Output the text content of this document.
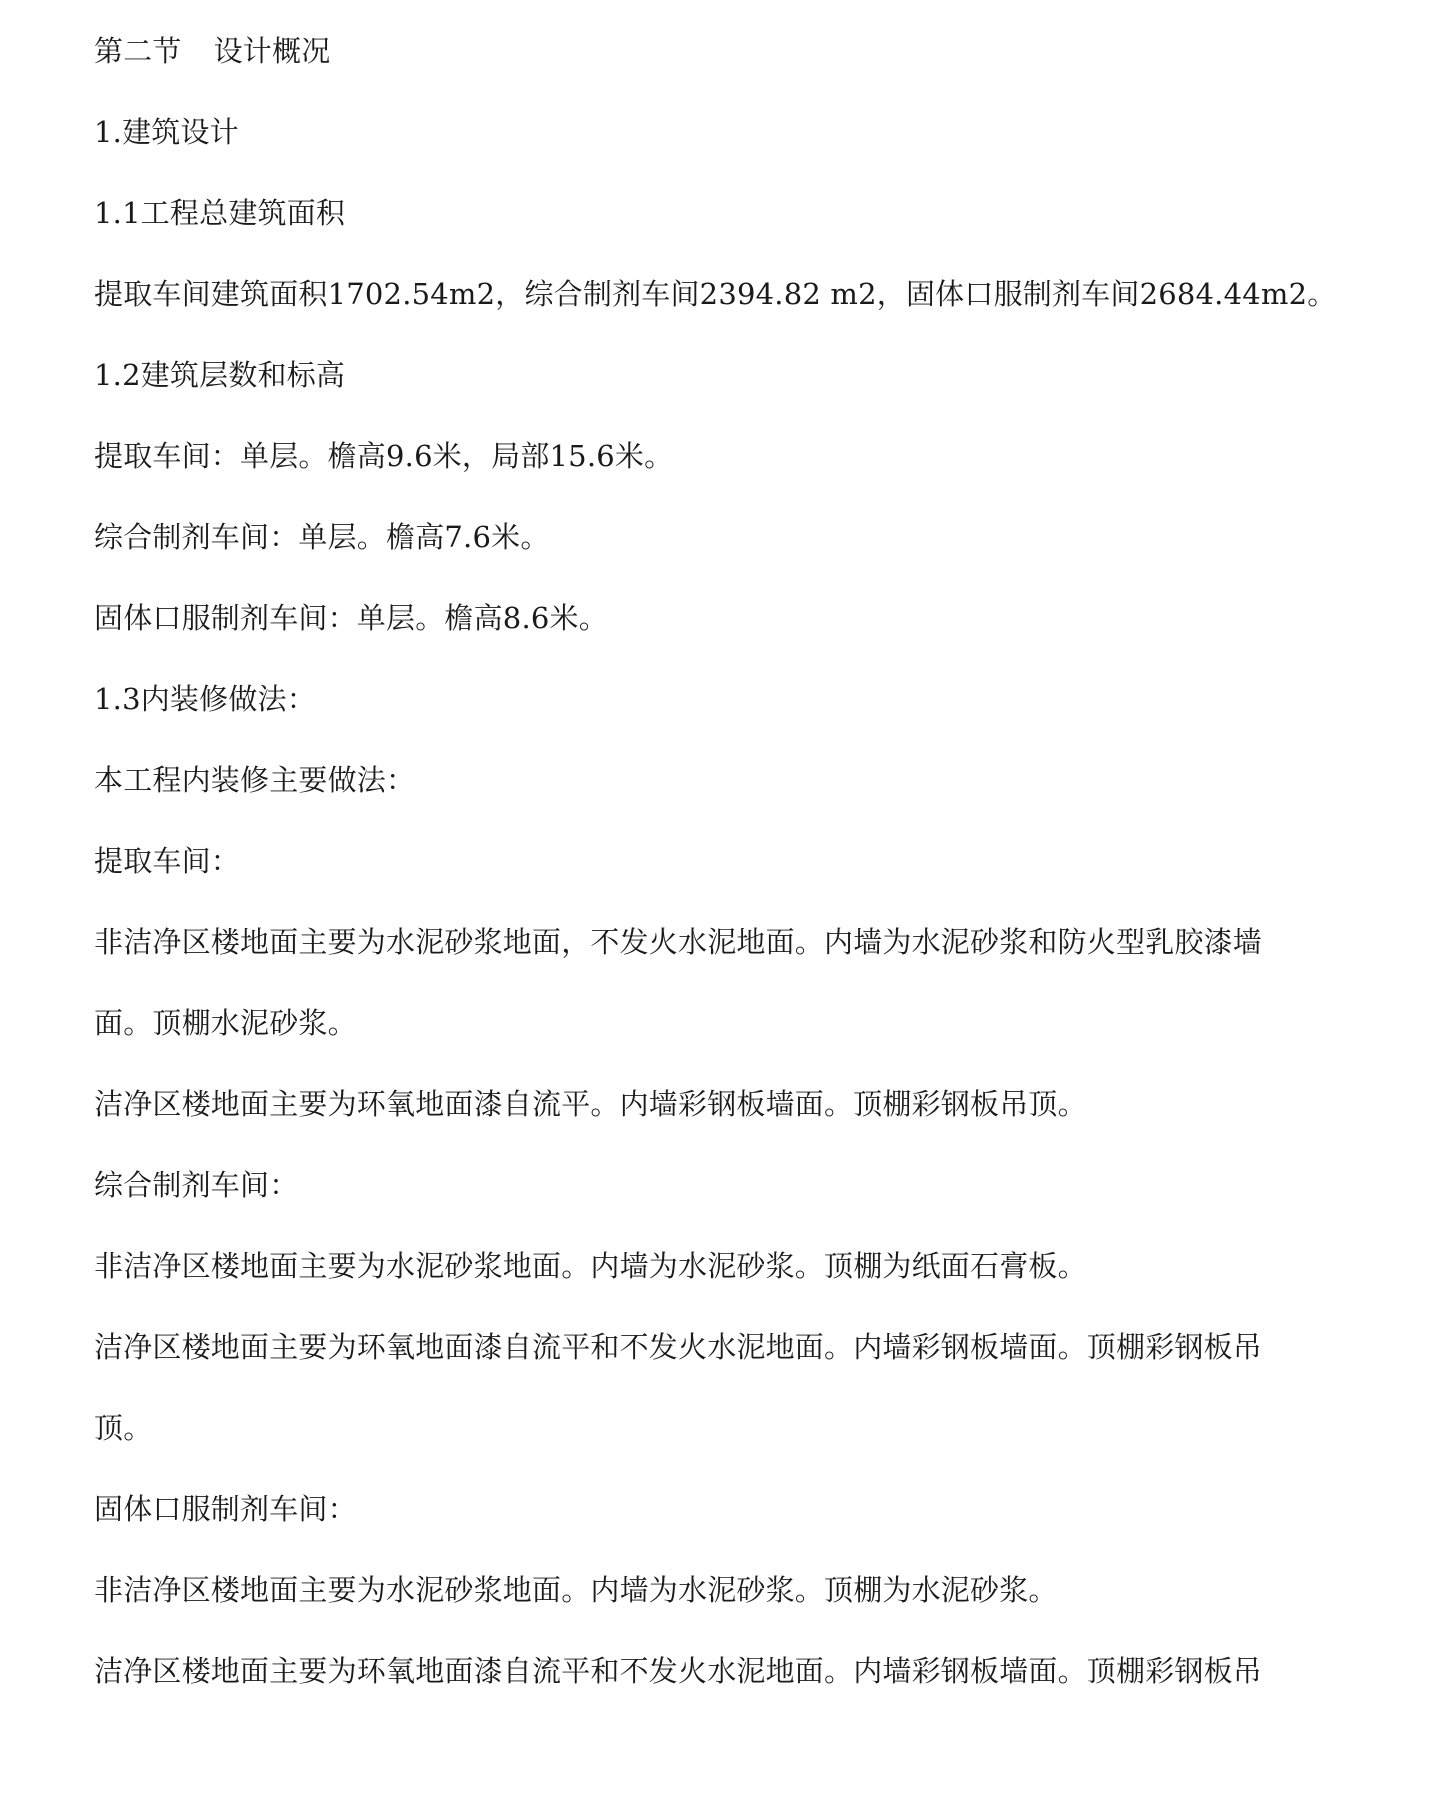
第二节 设计概况
1.建筑设计
1.1工程总建筑面积
提取车间建筑面积1702.54m2，综合制剂车间2394.82 m2，固体口服制剂车间2684.44m2。
1.2建筑层数和标高
提取车间：单层。檐高9.6米，局部15.6米。
综合制剂车间：单层。檐高7.6米。
固体口服制剂车间：单层。檐高8.6米。
1.3内装修做法：
本工程内装修主要做法：
提取车间：
非洁净区楼地面主要为水泥砂浆地面，不发火水泥地面。内墙为水泥砂浆和防火型乳胶漆墙
面。顶棚水泥砂浆。
洁净区楼地面主要为环氧地面漆自流平。内墙彩钢板墙面。顶棚彩钢板吊顶。
综合制剂车间：
非洁净区楼地面主要为水泥砂浆地面。内墙为水泥砂浆。顶棚为纸面石膏板。
洁净区楼地面主要为环氧地面漆自流平和不发火水泥地面。内墙彩钢板墙面。顶棚彩钢板吊
顶。
固体口服制剂车间：
非洁净区楼地面主要为水泥砂浆地面。内墙为水泥砂浆。顶棚为水泥砂浆。
洁净区楼地面主要为环氧地面漆自流平和不发火水泥地面。内墙彩钢板墙面。顶棚彩钢板吊
